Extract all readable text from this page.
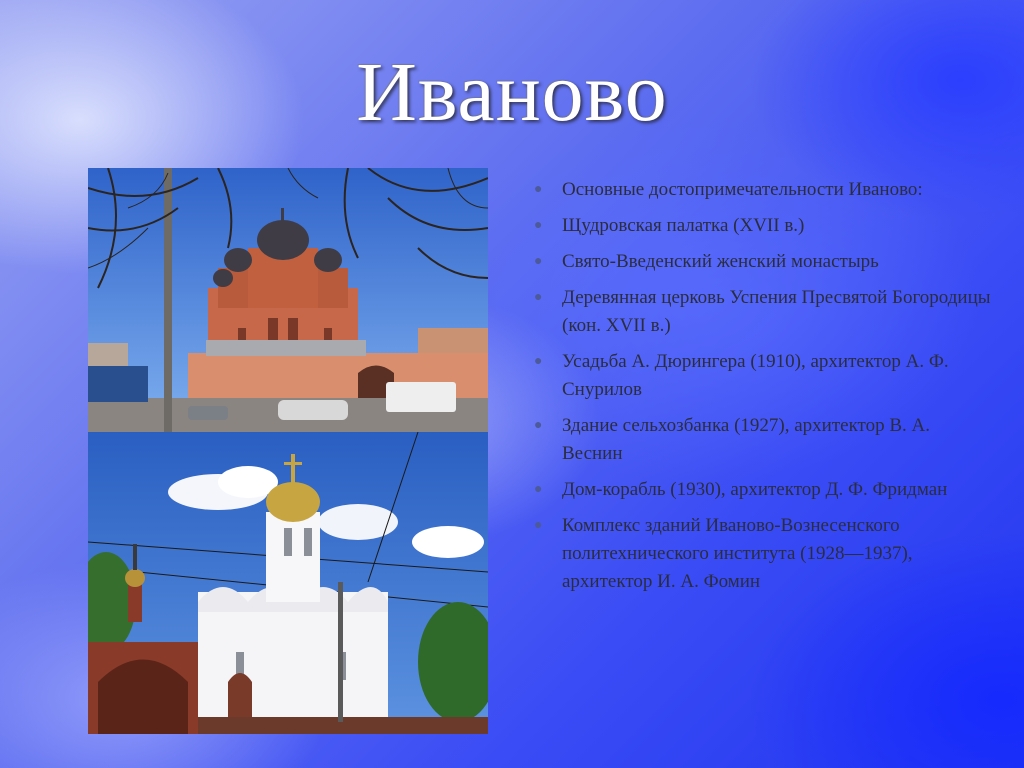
Иваново
● Основные достопримечательности Иваново:
● Щудровская палатка (XVII в.)
● Свято-Введенский женский монастырь
● Деревянная церковь Успения Пресвятой Богородицы (кон. XVII в.)
● Усадьба А. Дюрингера (1910), архитектор А. Ф. Снурилов
● Здание сельхозбанка (1927), архитектор В. А. Веснин
● Дом-корабль (1930), архитектор Д. Ф. Фридман
● Комплекс зданий Иваново-Вознесенского политехнического института (1928—1937), архитектор И. А. Фомин
